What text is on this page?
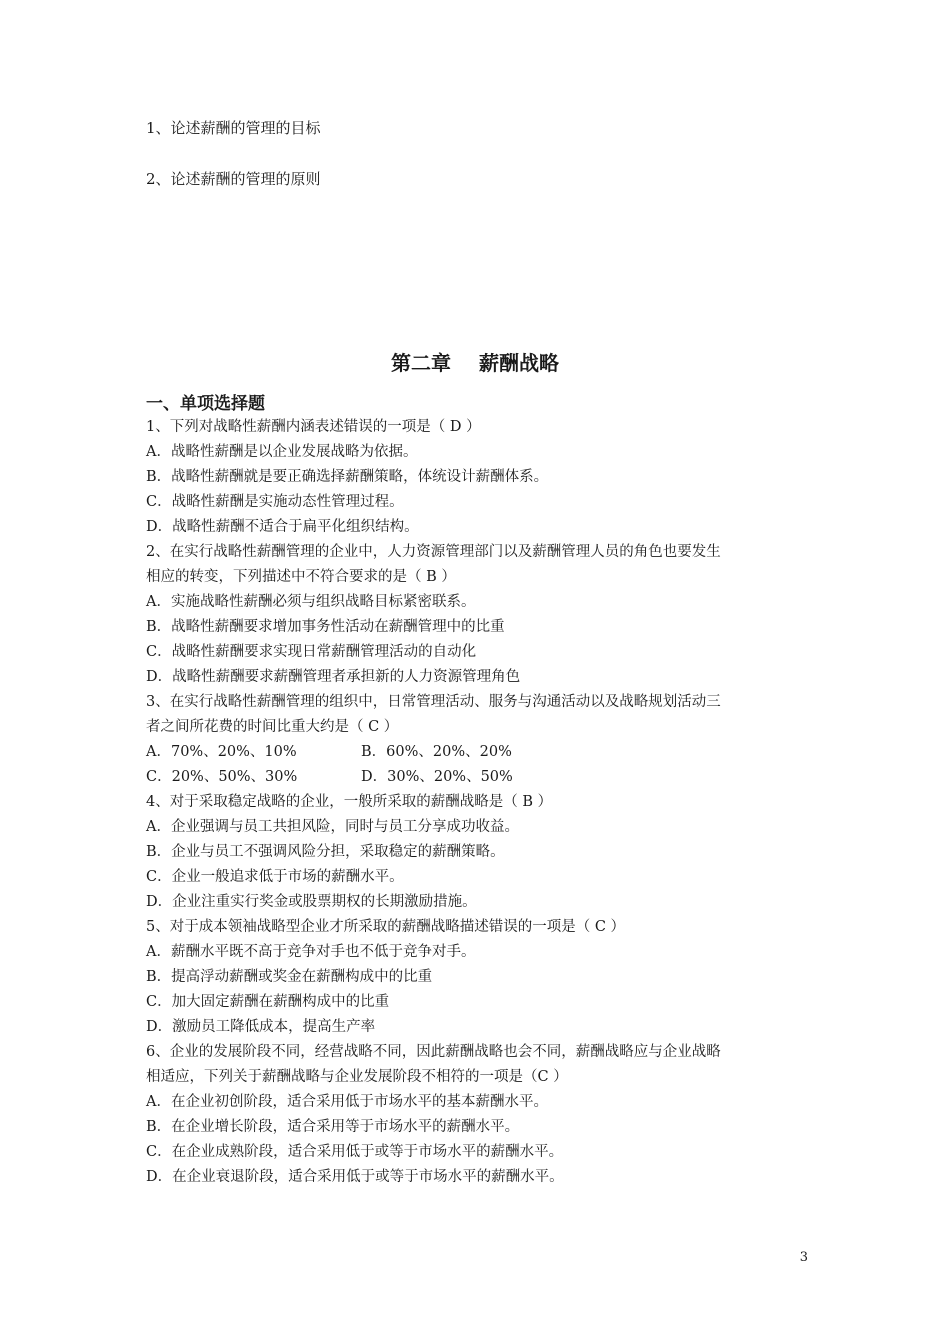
1、论述薪酬的管理的目标
2、论述薪酬的管理的原则
第二章 薪酬战略
一、单项选择题
1、下列对战略性薪酬内涵表述错误的一项是（ D ）
A．战略性薪酬是以企业发展战略为依据。
B．战略性薪酬就是要正确选择薪酬策略，体统设计薪酬体系。
C．战略性薪酬是实施动态性管理过程。
D．战略性薪酬不适合于扁平化组织结构。
2、在实行战略性薪酬管理的企业中，人力资源管理部门以及薪酬管理人员的角色也要发生
相应的转变，下列描述中不符合要求的是（ B ）
A．实施战略性薪酬必须与组织战略目标紧密联系。
B．战略性薪酬要求增加事务性活动在薪酬管理中的比重
C．战略性薪酬要求实现日常薪酬管理活动的自动化
D．战略性薪酬要求薪酬管理者承担新的人力资源管理角色
3、在实行战略性薪酬管理的组织中，日常管理活动、服务与沟通活动以及战略规划活动三
者之间所花费的时间比重大约是（ C ）
A．70%、20%、10%	B．60%、20%、20%
C．20%、50%、30%	D．30%、20%、50%
4、对于采取稳定战略的企业，一般所采取的薪酬战略是（ B ）
A．企业强调与员工共担风险，同时与员工分享成功收益。
B．企业与员工不强调风险分担，采取稳定的薪酬策略。
C．企业一般追求低于市场的薪酬水平。
D．企业注重实行奖金或股票期权的长期激励措施。
5、对于成本领袖战略型企业才所采取的薪酬战略描述错误的一项是（ C ）
A．薪酬水平既不高于竞争对手也不低于竞争对手。
B．提高浮动薪酬或奖金在薪酬构成中的比重
C．加大固定薪酬在薪酬构成中的比重
D．激励员工降低成本，提高生产率
6、企业的发展阶段不同，经营战略不同，因此薪酬战略也会不同，薪酬战略应与企业战略
相适应，下列关于薪酬战略与企业发展阶段不相符的一项是（C ）
A．在企业初创阶段，适合采用低于市场水平的基本薪酬水平。
B．在企业增长阶段，适合采用等于市场水平的薪酬水平。
C．在企业成熟阶段，适合采用低于或等于市场水平的薪酬水平。
D．在企业衰退阶段，适合采用低于或等于市场水平的薪酬水平。
3
